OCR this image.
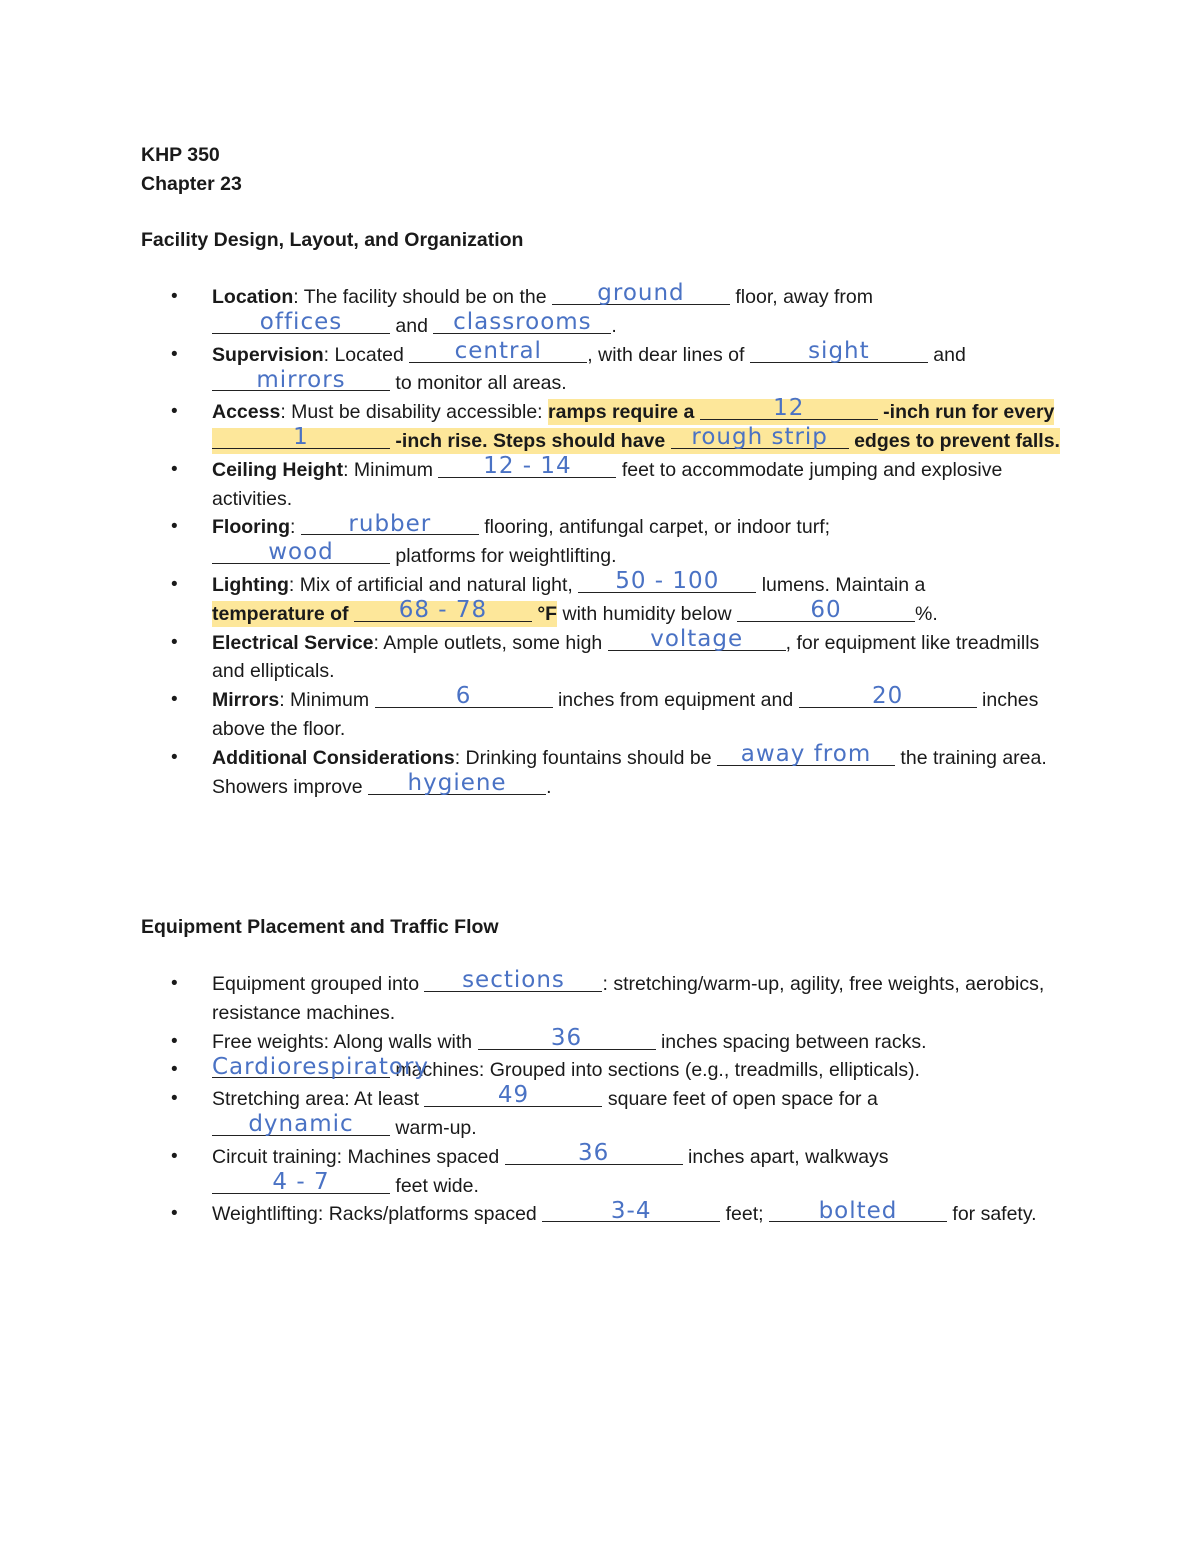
KHP 350
Chapter 23
Facility Design, Layout, and Organization
• Location: The facility should be on the	ground	floor, away from

offices	and classrooms	.
• Supervision: Located	central	, with dear lines of	sight	and

mirrors	to monitor all areas.
• Access: Must be disability accessible: ramps require a	12	-inch run for every
1	-inch rise. Steps should have rough strip	edges to prevent falls.
• Ceiling Height: Minimum	12 - 14	feet to accommodate jumping and explosive activities.
• Flooring:	rubber	flooring, antifungal carpet, or indoor turf;

wood	platforms for weightlifting.
• Lighting: Mix of artificial and natural light,	50 - 100	lumens. Maintain a
temperature of	68 - 78	°F with humidity below	60	%.
• Electrical Service: Ample outlets, some high	voltage	, for equipment like treadmills and ellipticals.
• Mirrors: Minimum	6	inches from equipment and	20	inches above the floor.
• Additional Considerations: Drinking fountains should be	away from	the training area. Showers improve	hygiene	.
Equipment Placement and Traffic Flow
• Equipment grouped into	sections	: stretching/warm-up, agility, free weights, aerobics, resistance machines.
• Free weights: Along walls with	36	inches spacing between racks.
• Cardiorespiratory
machines: Grouped into sections (e.g., treadmills, ellipticals).
• Stretching area: At least	49	square feet of open space for a

dynamic	warm-up.
• Circuit training: Machines spaced	36	inches apart, walkways

4 - 7	feet wide.
• Weightlifting: Racks/platforms spaced	3-4	feet;	bolted	for safety.
